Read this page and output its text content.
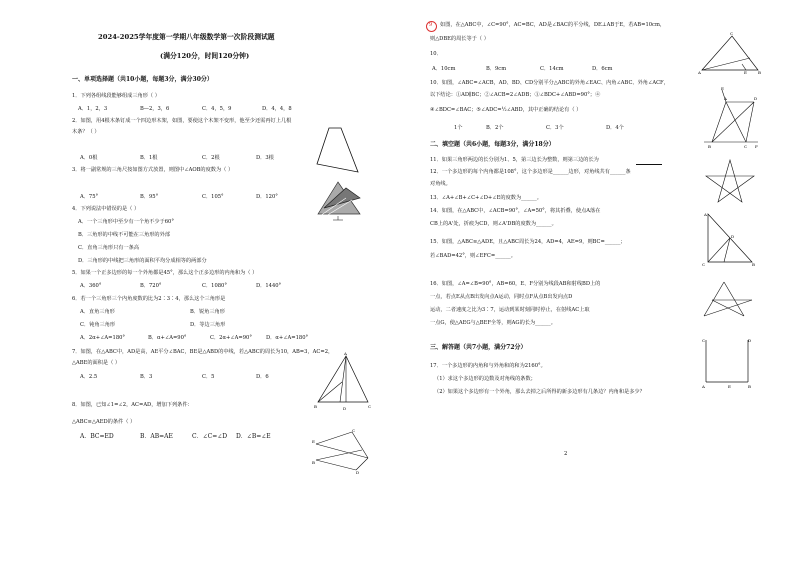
2024-2025学年度第一学期八年级数学第一次阶段测试题
(满分120分，时间120分钟)
一、单项选择题（共10小题，每题3分，满分30分）
1．下列各组线段能够组成三角形（ ）
A．1，2，3	B—2，3，6	C．4，5，9	D．4，4，8
2．如图，用4根木条钉成一个四边形木架，如图，要使这个木架不变形，他至少还需再钉上几根
木条？（ ）
A．0根	B．1根	C．2根	D．3根
3．将一副常规的三角尺按如图方式放置，则图中∠AOB的度数为（ ）
A．75°	B．95°	C．105°	D．120°
4．下列说法中错误的是（ ）
A．一个三角形中至少有一个角不少于60°
B．三角形的中线不可能在三角形的外部
C．直角三角形只有一条高
D．三角形的中线把三角形的面积平均分成相等的两部分
5．如果一个正多边形的每一个外角都是45°，那么这个正多边形的内角和为（ ）
A．360°	B．720°	C．1080°	D．1440°
6．若一个三角形三个内角度数的比为2∶3∶4，那么这个三角形是
A．直角三角形	B．锐角三角形
C．钝角三角形	D．等边三角形
A．2α+∠A=180°	B．α+∠A=90°	C．2α+∠A=90°	D．α+∠A=180°
7．如图，在△ABC中，AD是高，AE平分∠BAC，BE是△ABD的中线，若△ABC的周长为10，AB=3，AC=2，
△ABE的面积是（ ）
A．2.5	B．3	C．5	D．6
A
B	C
D
8．如图，已知∠1=∠2，AC=AD，增加下列条件：
△ABC≌△AED的条件（ ）
A．BC=ED	B．AB=AE	C．∠C=∠D D．∠B=∠E
E
B
C
D
9 如图，在△ABC中，∠C=90°，AC=BC，AD是∠BAC的平分线，DE⊥AB于E，若AB=10cm，
则△DBE的周长等于（ ）
10．
C
A	B
E
A．10cm	B．9cm	C．14cm	D．6cm
10．如图，∠ABC=∠ACB，AD、BD、CD分别平分△ABC的外角∠EAC、内角∠ABC、外角∠ACF，
以下结论：①AD∥BC；②∠ACB=2∠ADB；③∠BDC+∠ABD=90°；④
④∠BDC=∠BAC；⑤∠ADC=½∠ABD，其中正确的结论有（ ）
1个	B．2个	C．3个	D．4个
E
A	D
B	C F
二、填空题（共6小题，每题3分，满分18分）
11．如果三角形两边的长分别为1、5，第三边长为整数，则第三边的长为
12．一个多边形的每个内角都是108°，这个多边形是______边形，对角线共有______条
对角线。
13．∠A+∠B+∠C+∠D+∠E的度数为______。
14．如图，在△ABC中，∠ACB=90°，∠A=50°，将其折叠，使点A落在
CB上的A'处，折痕为CD，则∠A'DB的度数为______。
15．如图，△ABC≌△ADE，且△ABC周长为24，AD=4，AE=9，则BC=______；
若∠BAD=42°，则∠EFC=______。
A
C	B
D
16．如图，∠A=∠B=90°，AB=60，E、F分别为线段AB和射线BD上的
一点，若点E从点B出发向点A运动，同时点F从点B出发向点D
运动，二者速度之比为3∶7，运动到某时刻同时停止，在射线AC上取
一点G，使△AEG与△BEF全等，则AG的长为______。
三、解答题（共7小题，满分72分）
C	D
A	E	B
17．一个多边形的内角和与外角和的和为2160°。
（1）求这个多边形的边数及对角线的条数；
（2）如果这个多边形有一个外角，那么去掉之后所得的新多边形有几条边？内角和是多少？
2
